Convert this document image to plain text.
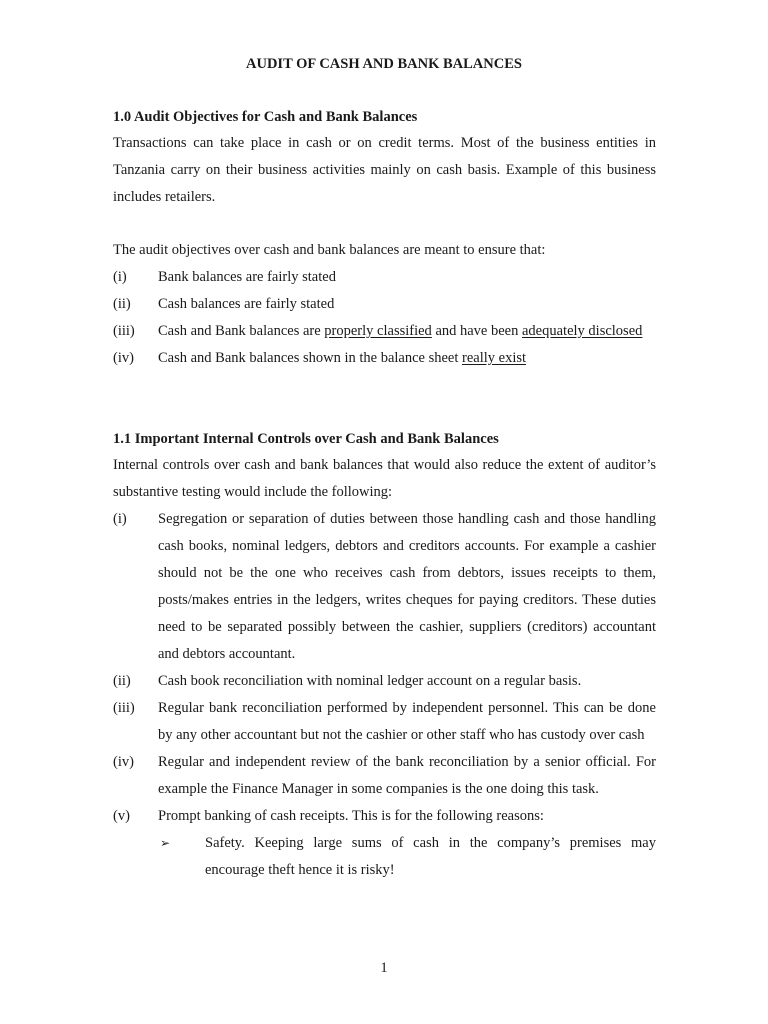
AUDIT OF CASH AND BANK BALANCES
1.0 Audit Objectives for Cash and Bank Balances
Transactions can take place in cash or on credit terms. Most of the business entities in Tanzania carry on their business activities mainly on cash basis. Example of this business includes retailers.
The audit objectives over cash and bank balances are meant to ensure that:
(i)	Bank balances are fairly stated
(ii)	Cash balances are fairly stated
(iii)	Cash and Bank balances are properly classified and have been adequately disclosed
(iv)	Cash and Bank balances shown in the balance sheet really exist
1.1 Important Internal Controls over Cash and Bank Balances
Internal controls over cash and bank balances that would also reduce the extent of auditor’s substantive testing would include the following:
(i)	Segregation or separation of duties between those handling cash and those handling cash books, nominal ledgers, debtors and creditors accounts. For example a cashier should not be the one who receives cash from debtors, issues receipts to them, posts/makes entries in the ledgers, writes cheques for paying creditors. These duties need to be separated possibly between the cashier, suppliers (creditors) accountant and debtors accountant.
(ii)	Cash book reconciliation with nominal ledger account on a regular basis.
(iii)	Regular bank reconciliation performed by independent personnel. This can be done by any other accountant but not the cashier or other staff who has custody over cash
(iv)	Regular and independent review of the bank reconciliation by a senior official. For example the Finance Manager in some companies is the one doing this task.
(v)	Prompt banking of cash receipts. This is for the following reasons:
➢	Safety. Keeping large sums of cash in the company’s premises may encourage theft hence it is risky!
1
